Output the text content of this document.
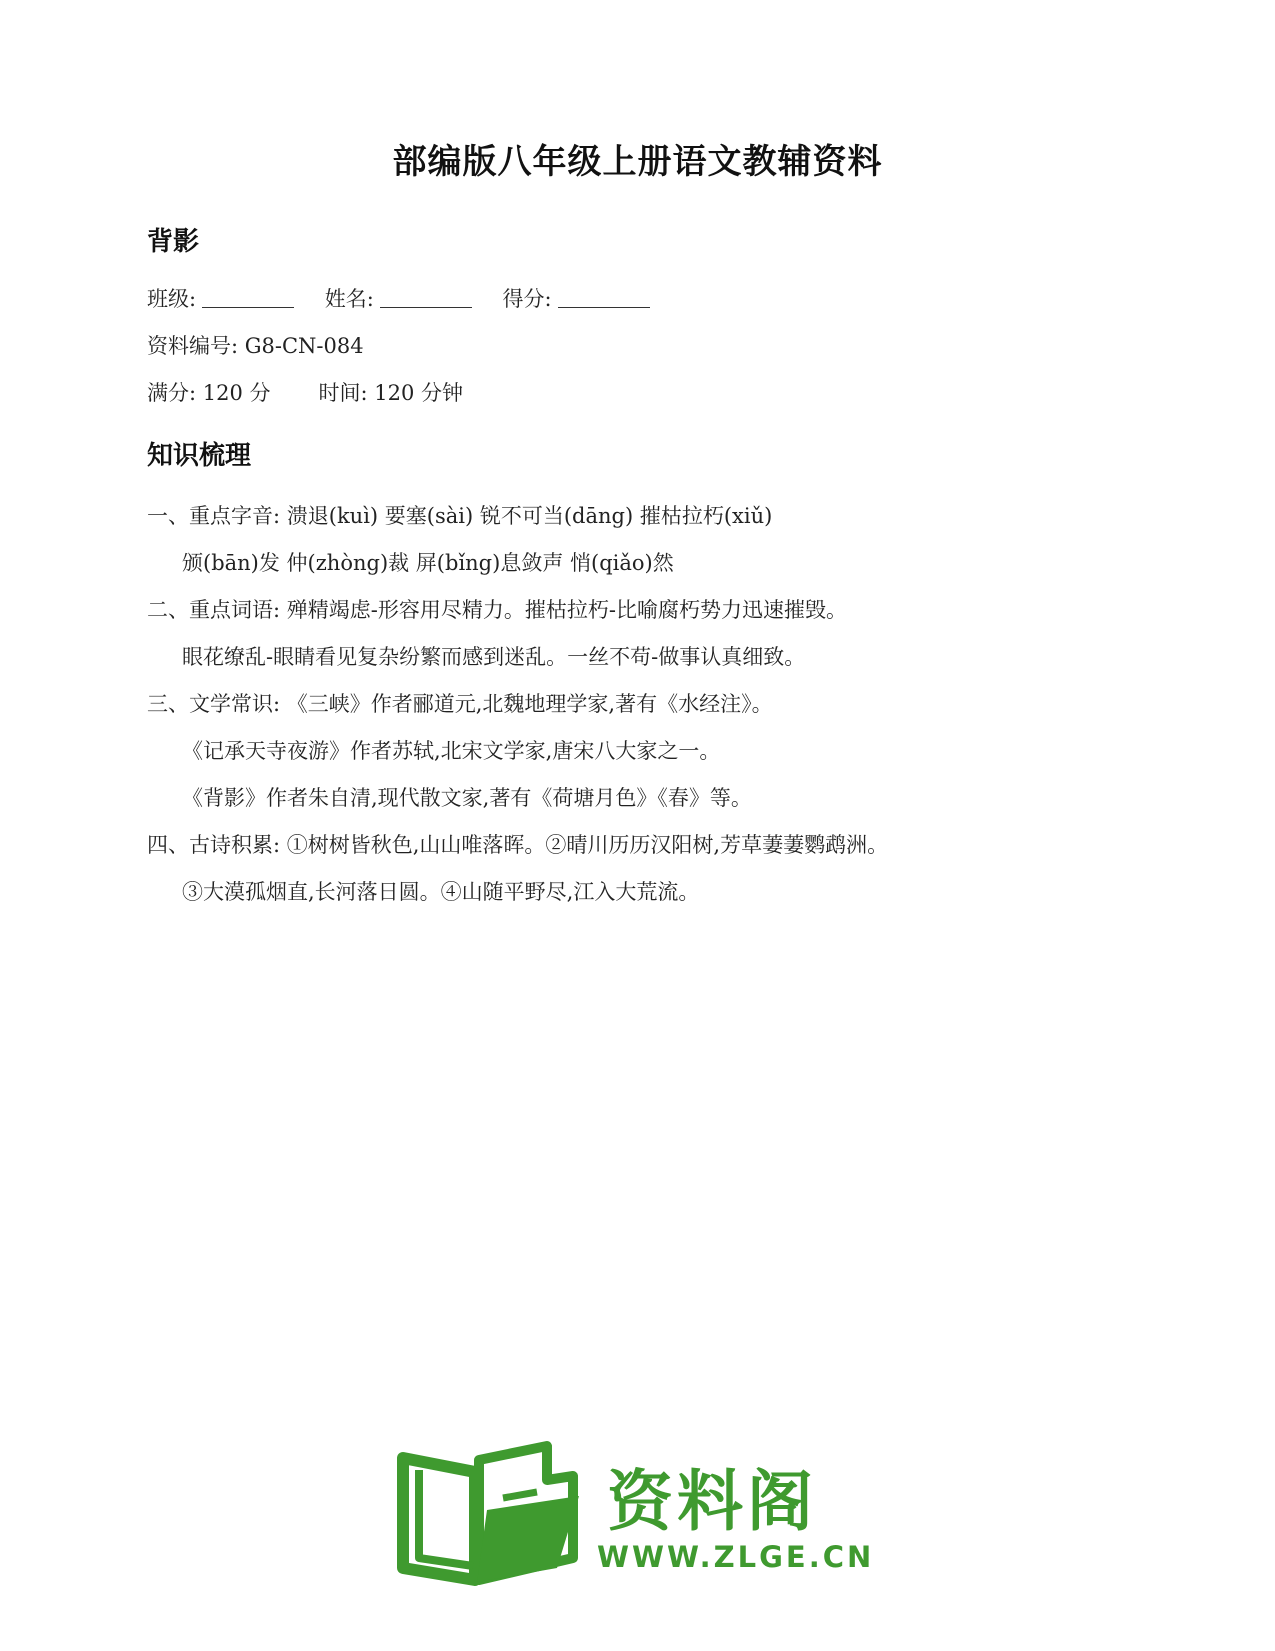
部编版八年级上册语文教辅资料
背影
班级:	姓名:	得分:
资料编号: G8-CN-084
满分: 120 分 时间: 120 分钟
知识梳理
一、重点字音: 溃退(kuì) 要塞(sài) 锐不可当(dāng) 摧枯拉朽(xiǔ)
颁(bān)发 仲(zhòng)裁 屏(bǐng)息敛声 悄(qiǎo)然
二、重点词语: 殚精竭虑-形容用尽精力。摧枯拉朽-比喻腐朽势力迅速摧毁。
眼花缭乱-眼睛看见复杂纷繁而感到迷乱。一丝不苟-做事认真细致。
三、文学常识: 《三峡》作者郦道元,北魏地理学家,著有《水经注》。
《记承天寺夜游》作者苏轼,北宋文学家,唐宋八大家之一。
《背影》作者朱自清,现代散文家,著有《荷塘月色》《春》等。
四、古诗积累: ①树树皆秋色,山山唯落晖。②晴川历历汉阳树,芳草萋萋鹦鹉洲。
③大漠孤烟直,长河落日圆。④山随平野尽,江入大荒流。
资料阁
WWW.ZLGE.CN
